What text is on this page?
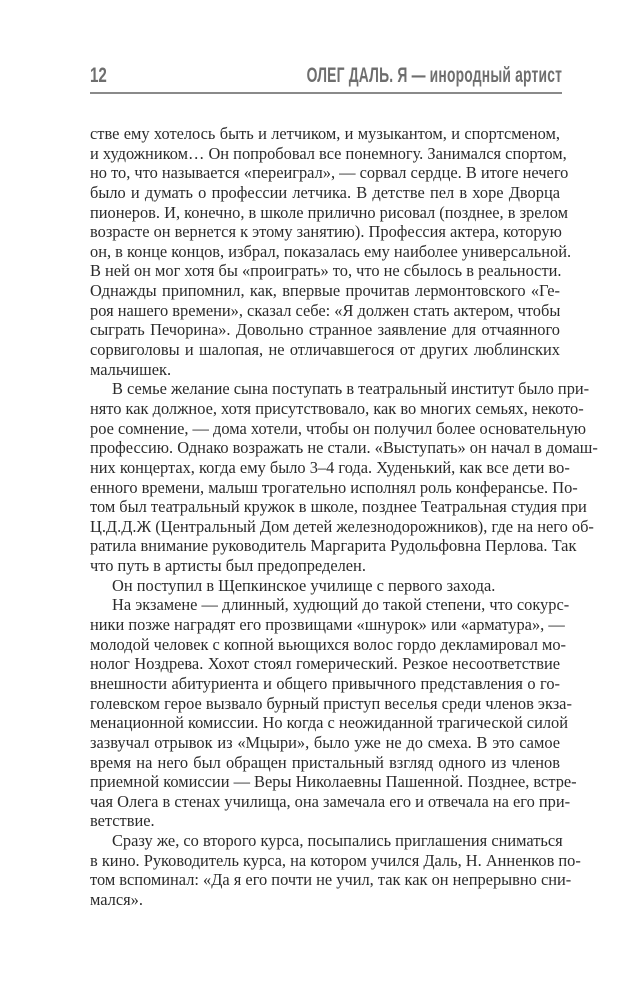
12	ОЛЕГ ДАЛЬ. Я — инородный артист
стве ему хотелось быть и летчиком, и музыкантом, и спортсменом,
и художником… Он попробовал все понемногу. Занимался спортом,
но то, что называется «переиграл», — сорвал сердце. В итоге нечего
было и думать о профессии летчика. В детстве пел в хоре Дворца
пионеров. И, конечно, в школе прилично рисовал (позднее, в зрелом
возрасте он вернется к этому занятию). Профессия актера, которую
он, в конце концов, избрал, показалась ему наиболее универсальной.
В ней он мог хотя бы «проиграть» то, что не сбылось в реальности.
Однажды припомнил, как, впервые прочитав лермонтовского «Ге-
роя нашего времени», сказал себе: «Я должен стать актером, чтобы
сыграть Печорина». Довольно странное заявление для отчаянного
сорвиголовы и шалопая, не отличавшегося от других люблинских
мальчишек.
В семье желание сына поступать в театральный институт было при-
нято как должное, хотя присутствовало, как во многих семьях, некото-
рое сомнение, — дома хотели, чтобы он получил более основательную
профессию. Однако возражать не стали. «Выступать» он начал в домаш-
них концертах, когда ему было 3–4 года. Худенький, как все дети во-
енного времени, малыш трогательно исполнял роль конферансье. По-
том был театральный кружок в школе, позднее Театральная студия при
Ц.Д.Д.Ж (Центральный Дом детей железнодорожников), где на него об-
ратила внимание руководитель Маргарита Рудольфовна Перлова. Так
что путь в артисты был предопределен.
Он поступил в Щепкинское училище с первого захода.
На экзамене — длинный, худющий до такой степени, что сокурс-
ники позже наградят его прозвищами «шнурок» или «арматура», —
молодой человек с копной вьющихся волос гордо декламировал мо-
нолог Ноздрева. Хохот стоял гомерический. Резкое несоответствие
внешности абитуриента и общего привычного представления о го-
голевском герое вызвало бурный приступ веселья среди членов экза-
менационной комиссии. Но когда с неожиданной трагической силой
зазвучал отрывок из «Мцыри», было уже не до смеха. В это самое
время на него был обращен пристальный взгляд одного из членов
приемной комиссии — Веры Николаевны Пашенной. Позднее, встре-
чая Олега в стенах училища, она замечала его и отвечала на его при-
ветствие.
Сразу же, со второго курса, посыпались приглашения сниматься
в кино. Руководитель курса, на котором учился Даль, Н. Анненков по-
том вспоминал: «Да я его почти не учил, так как он непрерывно сни-
мался».
